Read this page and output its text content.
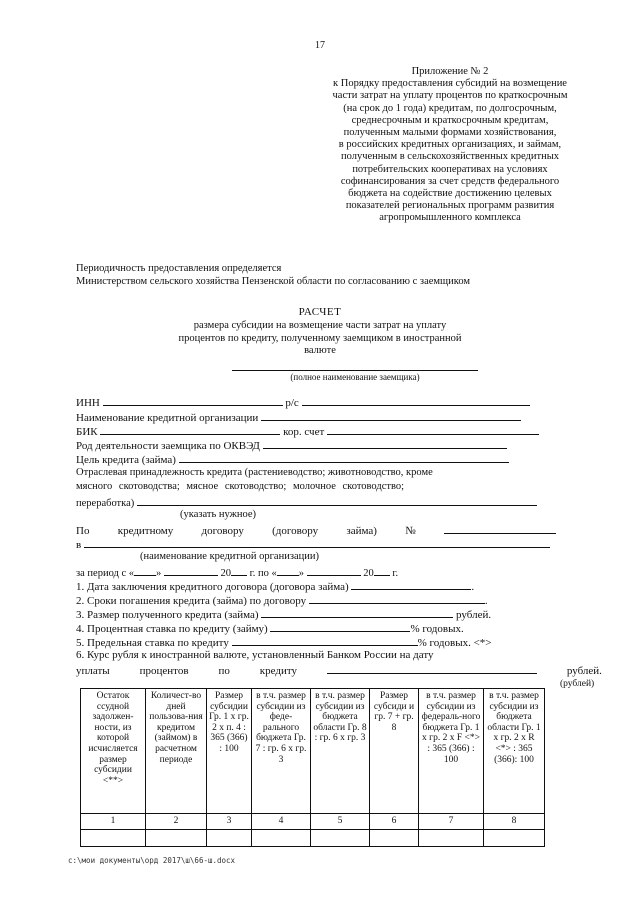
17
Приложение № 2
к Порядку предоставления субсидий на возмещение
части затрат на уплату процентов по краткосрочным
(на срок до 1 года) кредитам, по долгосрочным,
среднесрочным и краткосрочным кредитам,
полученным малыми формами хозяйствования,
в российских кредитных организациях, и займам,
полученным в сельскохозяйственных кредитных
потребительских кооперативах на условиях
софинансирования за счет средств федерального
бюджета на содействие достижению целевых
показателей региональных программ развития
агропромышленного комплекса
Периодичность предоставления определяется
Министерством сельского хозяйства Пензенской области по согласованию с заемщиком
РАСЧЕТ
размера субсидии на возмещение части затрат на уплату
процентов по кредиту, полученному заемщиком в иностранной
валюте
(полное наименование заемщика)
ИНН	р/с
Наименование кредитной организации
БИК	кор. счет
Род деятельности заемщика по ОКВЭД
Цель кредита (займа)
Отраслевая принадлежность кредита (растениеводство; животноводство, кроме
мясного скотоводства; мясное скотоводство; молочное скотоводство;
переработка)
(указать нужное)
По	кредитному	договору	(договору	займа)	№
в
(наименование кредитной организации)
за период с « »	20 г. по « »	20 г.
1. Дата заключения кредитного договора (договора займа)	.
2. Сроки погашения кредита (займа) по договору	.
3. Размер полученного кредита (займа)	рублей.
4. Процентная ставка по кредиту (займу)	% годовых.
5. Предельная ставка по кредиту	% годовых. <*>
6. Курс рубля к иностранной валюте, установленный Банком России на дату
уплаты	процентов	по	кредиту	рублей.
(рублей)
Остаток ссудной задолжен-ности, из которой исчисляется размер субсидии <**>	Количест-во дней пользова-ния кредитом (займом) в расчетном периоде	Размер субсидии Гр. 1 x гр. 2 x п. 4 : 365 (366) : 100	в т.ч. размер субсидии из феде-рального бюджета Гр. 7 : гр. 6 x гр. 3	в т.ч. размер субсидии из бюджета области Гр. 8 : гр. 6 x гр. 3	Размер субсиди и гр. 7 + гр. 8	в т.ч. размер субсидии из федераль-ного бюджета Гр. 1 x гр. 2 x F <*> : 365 (366) : 100	в т.ч. размер субсидии из бюджета области Гр. 1 x гр. 2 x R <*> : 365 (366): 100
1	2	3	4	5	6	7	8

c:\мои документы\орд 2017\ш\66-ш.docx
